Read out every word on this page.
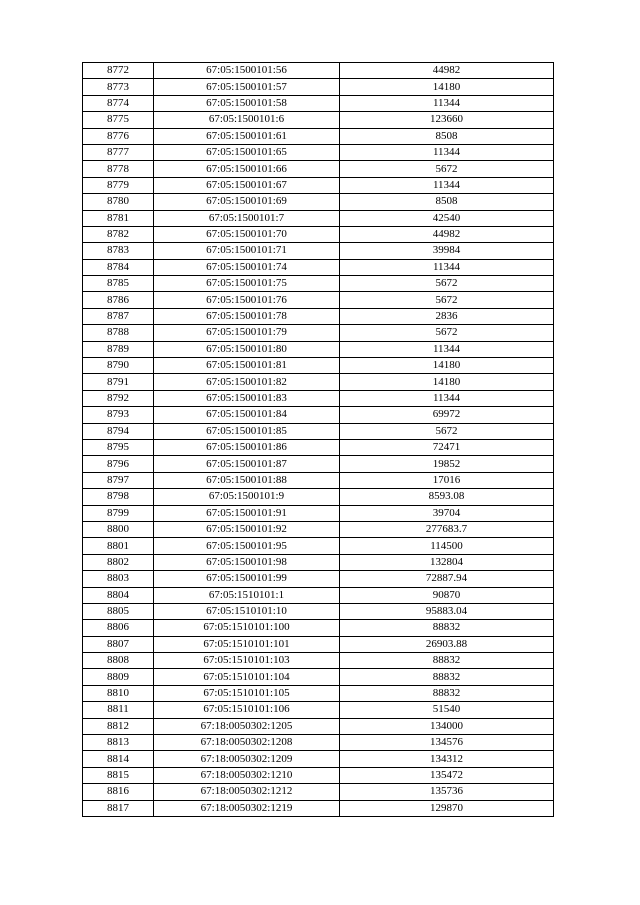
8772	67:05:1500101:56	44982
8773	67:05:1500101:57	14180
8774	67:05:1500101:58	11344
8775	67:05:1500101:6	123660
8776	67:05:1500101:61	8508
8777	67:05:1500101:65	11344
8778	67:05:1500101:66	5672
8779	67:05:1500101:67	11344
8780	67:05:1500101:69	8508
8781	67:05:1500101:7	42540
8782	67:05:1500101:70	44982
8783	67:05:1500101:71	39984
8784	67:05:1500101:74	11344
8785	67:05:1500101:75	5672
8786	67:05:1500101:76	5672
8787	67:05:1500101:78	2836
8788	67:05:1500101:79	5672
8789	67:05:1500101:80	11344
8790	67:05:1500101:81	14180
8791	67:05:1500101:82	14180
8792	67:05:1500101:83	11344
8793	67:05:1500101:84	69972
8794	67:05:1500101:85	5672
8795	67:05:1500101:86	72471
8796	67:05:1500101:87	19852
8797	67:05:1500101:88	17016
8798	67:05:1500101:9	8593.08
8799	67:05:1500101:91	39704
8800	67:05:1500101:92	277683.7
8801	67:05:1500101:95	114500
8802	67:05:1500101:98	132804
8803	67:05:1500101:99	72887.94
8804	67:05:1510101:1	90870
8805	67:05:1510101:10	95883.04
8806	67:05:1510101:100	88832
8807	67:05:1510101:101	26903.88
8808	67:05:1510101:103	88832
8809	67:05:1510101:104	88832
8810	67:05:1510101:105	88832
8811	67:05:1510101:106	51540
8812	67:18:0050302:1205	134000
8813	67:18:0050302:1208	134576
8814	67:18:0050302:1209	134312
8815	67:18:0050302:1210	135472
8816	67:18:0050302:1212	135736
8817	67:18:0050302:1219	129870
